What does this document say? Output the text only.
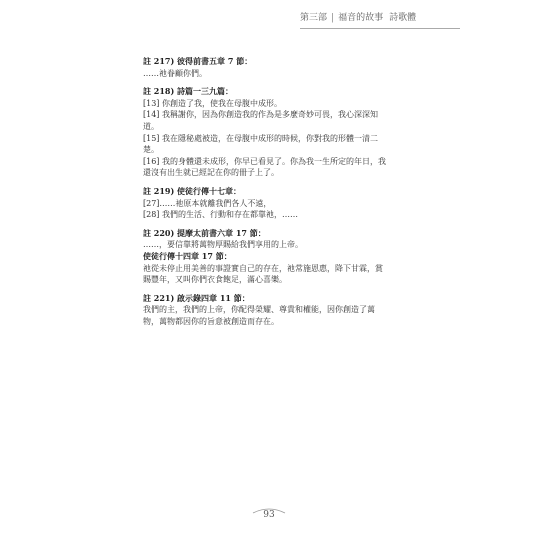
第三部 | 福音的故事 詩歌體
註 217) 彼得前書五章 7 節：
……祂眷顧你們。
註 218) 詩篇一三九篇：
[13] 你創造了我，使我在母腹中成形。
[14] 我稱謝你，因為你創造我的作為是多麼奇妙可畏，我心深深知道。
[15] 我在隱秘處被造，在母腹中成形的時候，你對我的形體一清二楚。
[16] 我的身體還未成形，你早已看見了。你為我一生所定的年日，我還沒有出生就已經記在你的冊子上了。
註 219) 使徒行傳十七章：
[27]……祂原本就離我們各人不遠，
[28] 我們的生活、行動和存在都靠祂，……
註 220) 提摩太前書六章 17 節：
……，要信靠將萬物厚賜給我們享用的上帝。
使徒行傳十四章 17 節：
祂從未停止用美善的事證實自己的存在，祂常施恩惠，降下甘霖，賞賜豐年，又叫你們衣食飽足，滿心喜樂。
註 221) 啟示錄四章 11 節：
我們的主，我們的上帝，你配得榮耀、尊貴和權能，因你創造了萬物，萬物都因你的旨意被創造而存在。
93
